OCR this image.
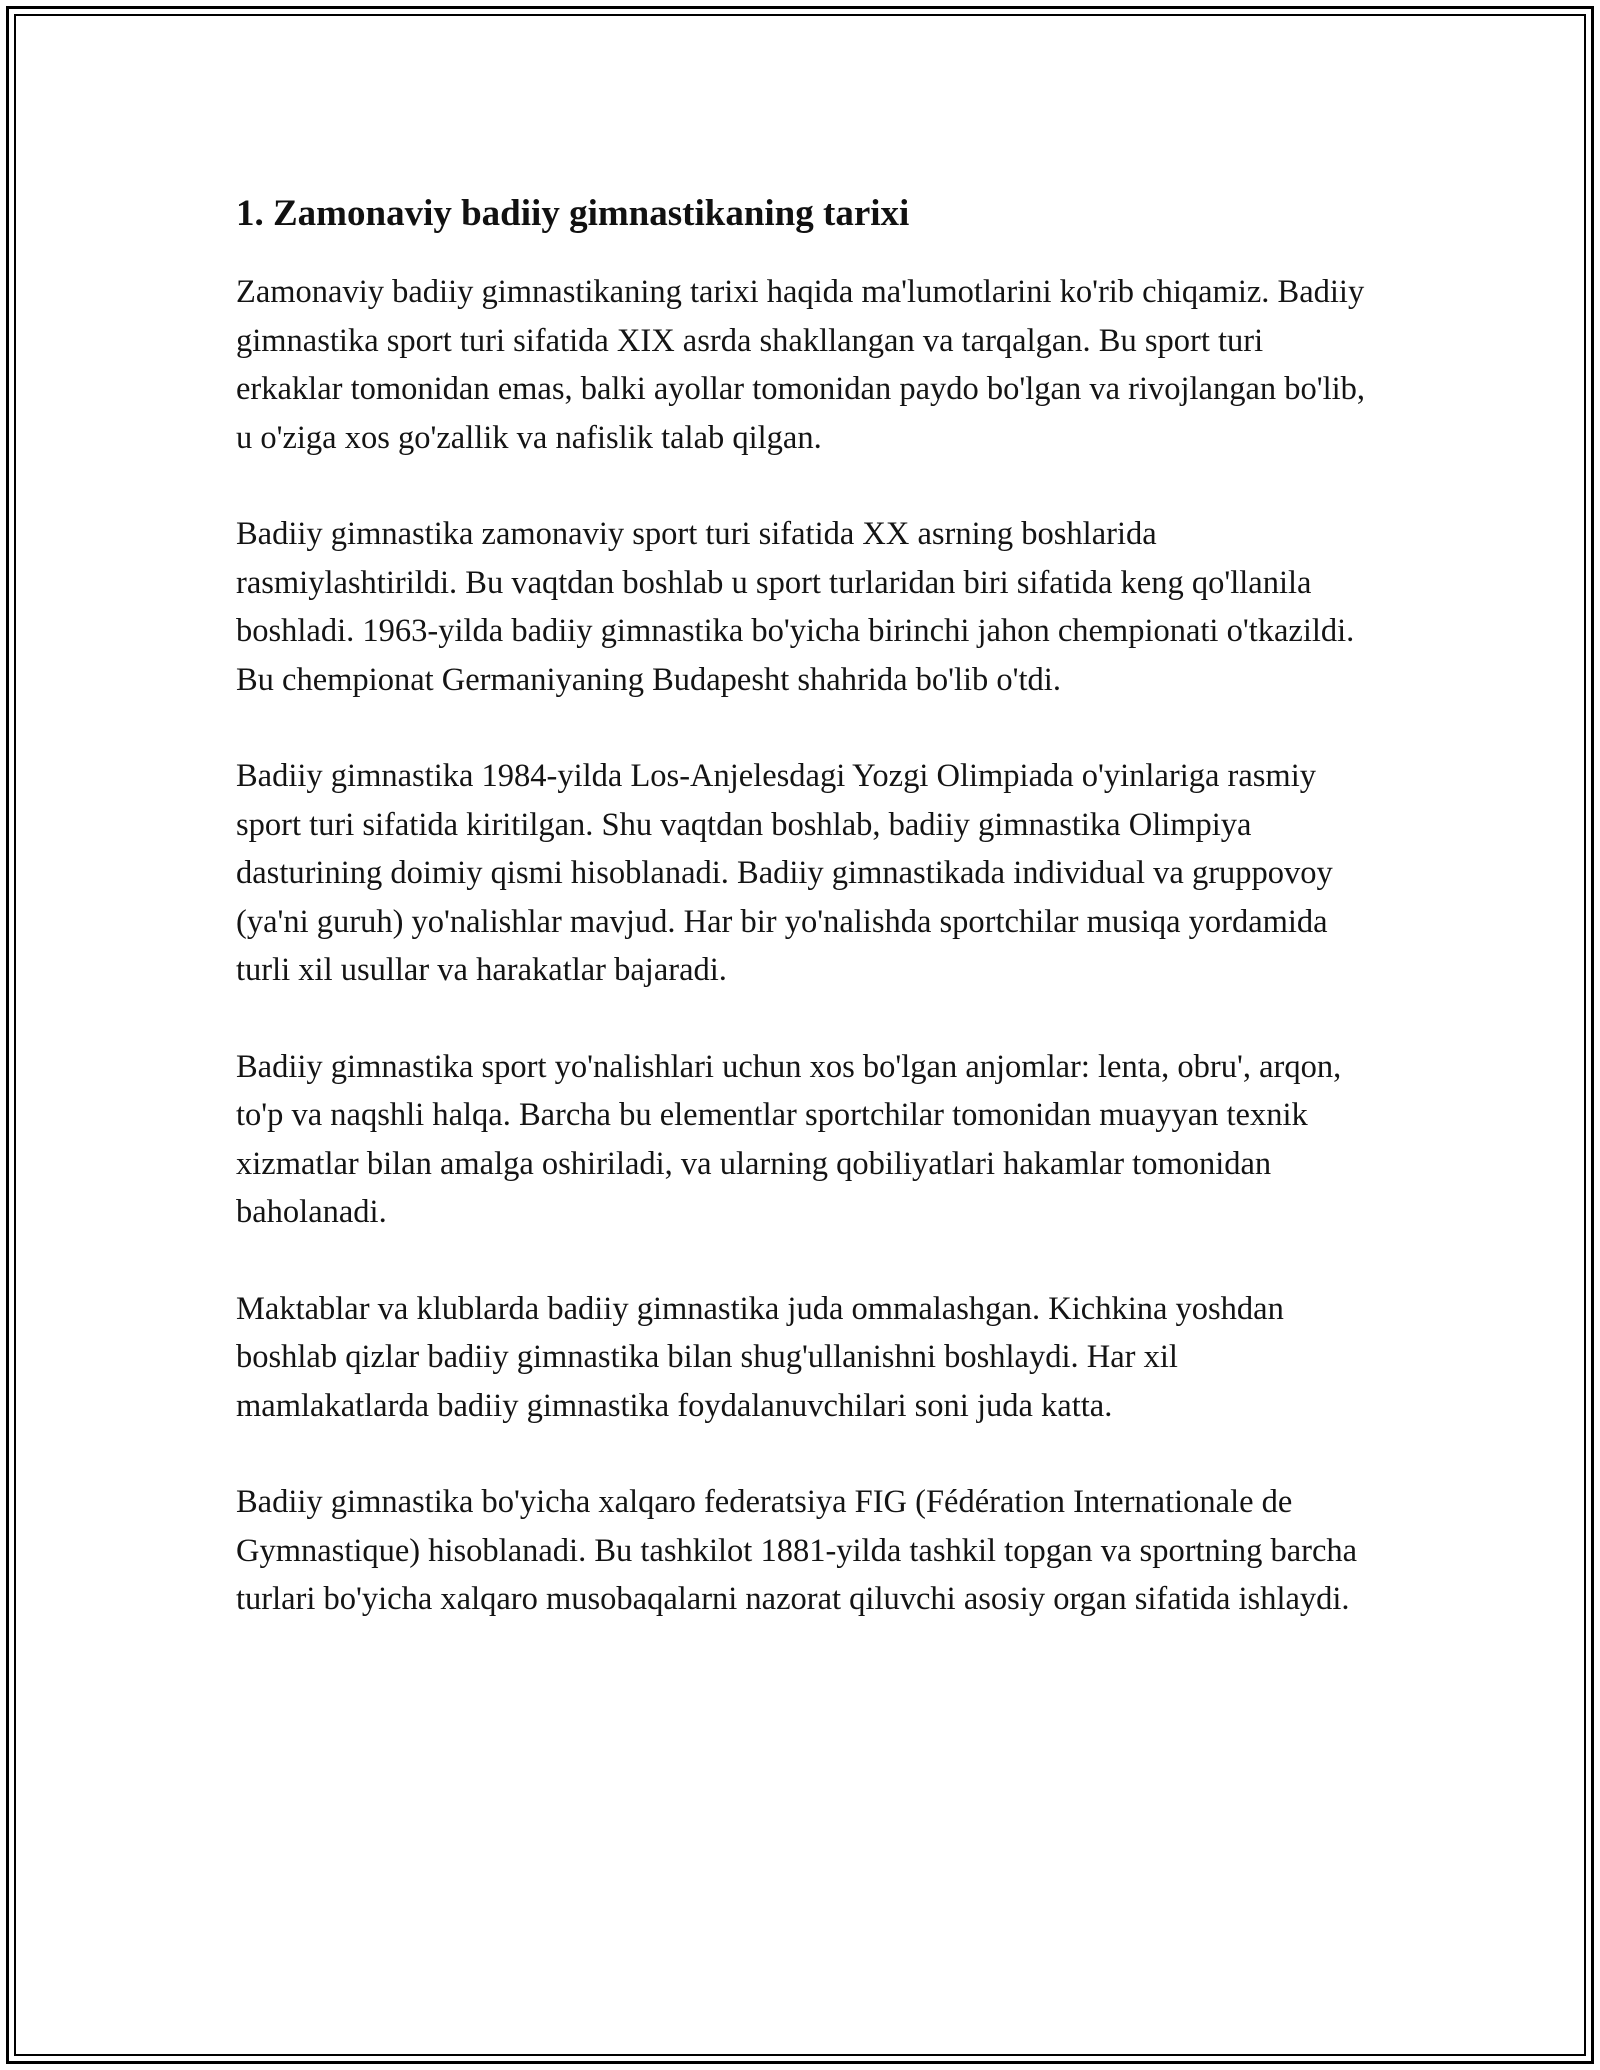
1. Zamonaviy badiiy gimnastikaning tarixi

Zamonaviy badiiy gimnastikaning tarixi haqida ma'lumotlarini ko'rib chiqamiz. Badiiy gimnastika sport turi sifatida XIX asrda shakllangan va tarqalgan. Bu sport turi erkaklar tomonidan emas, balki ayollar tomonidan paydo bo'lgan va rivojlangan bo'lib, u o'ziga xos go'zallik va nafislik talab qilgan.

Badiiy gimnastika zamonaviy sport turi sifatida XX asrning boshlarida rasmiylashtirildi. Bu vaqtdan boshlab u sport turlaridan biri sifatida keng qo'llanila boshladi. 1963-yilda badiiy gimnastika bo'yicha birinchi jahon chempionati o'tkazildi. Bu chempionat Germaniyaning Budapesht shahrida bo'lib o'tdi.

Badiiy gimnastika 1984-yilda Los-Anjelesdagi Yozgi Olimpiada o'yinlariga rasmiy sport turi sifatida kiritilgan. Shu vaqtdan boshlab, badiiy gimnastika Olimpiya dasturining doimiy qismi hisoblanadi. Badiiy gimnastikada individual va gruppovoy (ya'ni guruh) yo'nalishlar mavjud. Har bir yo'nalishda sportchilar musiqa yordamida turli xil usullar va harakatlar bajaradi.

Badiiy gimnastika sport yo'nalishlari uchun xos bo'lgan anjomlar: lenta, obru', arqon, to'p va naqshli halqa. Barcha bu elementlar sportchilar tomonidan muayyan texnik xizmatlar bilan amalga oshiriladi, va ularning qobiliyatlari hakamlar tomonidan baholanadi.

Maktablar va klublarda badiiy gimnastika juda ommalashgan. Kichkina yoshdan boshlab qizlar badiiy gimnastika bilan shug'ullanishni boshlaydi. Har xil mamlakatlarda badiiy gimnastika foydalanuvchilari soni juda katta.

Badiiy gimnastika bo'yicha xalqaro federatsiya FIG (Fédération Internationale de Gymnastique) hisoblanadi. Bu tashkilot 1881-yilda tashkil topgan va sportning barcha turlari bo'yicha xalqaro musobaqalarni nazorat qiluvchi asosiy organ sifatida ishlaydi.
